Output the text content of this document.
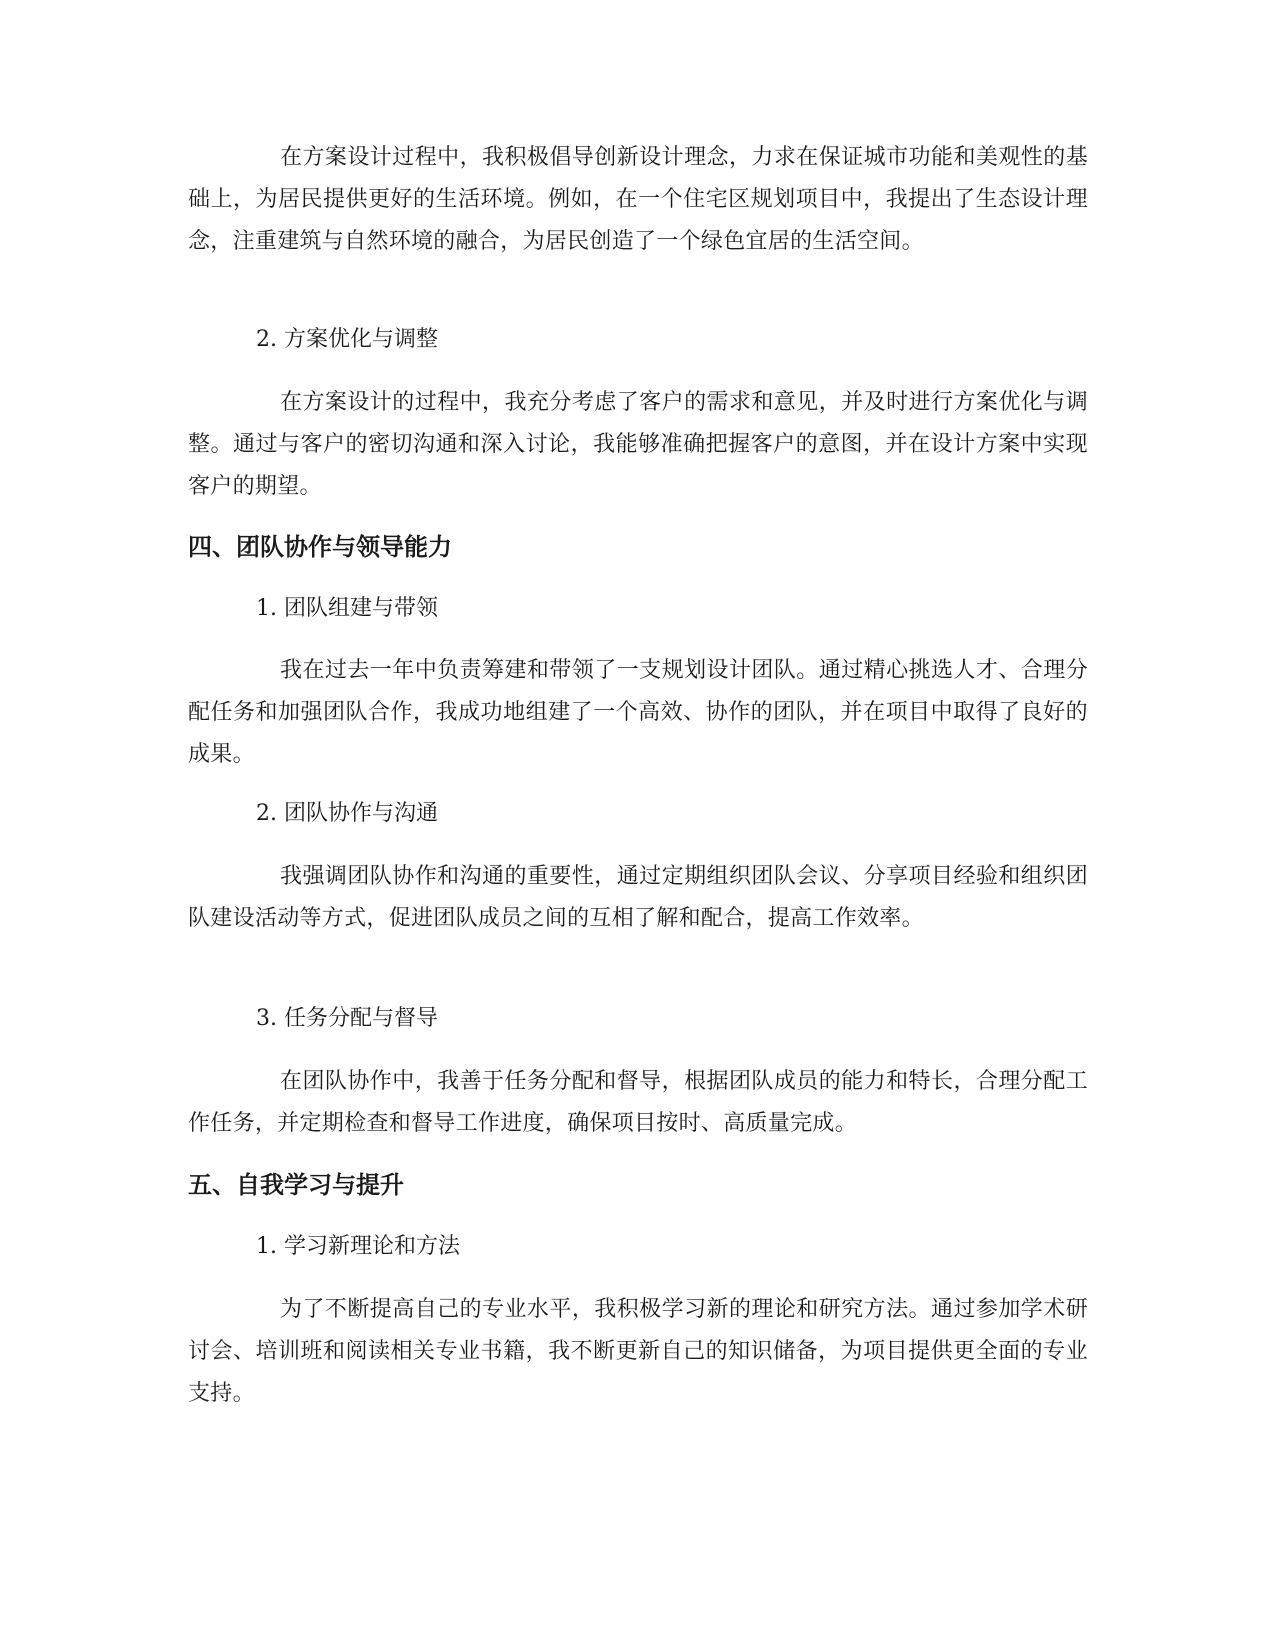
在方案设计过程中，我积极倡导创新设计理念，力求在保证城市功能和美观性的基础上，为居民提供更好的生活环境。例如，在一个住宅区规划项目中，我提出了生态设计理念，注重建筑与自然环境的融合，为居民创造了一个绿色宜居的生活空间。

2. 方案优化与调整

在方案设计的过程中，我充分考虑了客户的需求和意见，并及时进行方案优化与调整。通过与客户的密切沟通和深入讨论，我能够准确把握客户的意图，并在设计方案中实现客户的期望。

四、团队协作与领导能力

1. 团队组建与带领

我在过去一年中负责筹建和带领了一支规划设计团队。通过精心挑选人才、合理分配任务和加强团队合作，我成功地组建了一个高效、协作的团队，并在项目中取得了良好的成果。

2. 团队协作与沟通

我强调团队协作和沟通的重要性，通过定期组织团队会议、分享项目经验和组织团队建设活动等方式，促进团队成员之间的互相了解和配合，提高工作效率。

3. 任务分配与督导

在团队协作中，我善于任务分配和督导，根据团队成员的能力和特长，合理分配工作任务，并定期检查和督导工作进度，确保项目按时、高质量完成。

五、自我学习与提升

1. 学习新理论和方法

为了不断提高自己的专业水平，我积极学习新的理论和研究方法。通过参加学术研讨会、培训班和阅读相关专业书籍，我不断更新自己的知识储备，为项目提供更全面的专业支持。
